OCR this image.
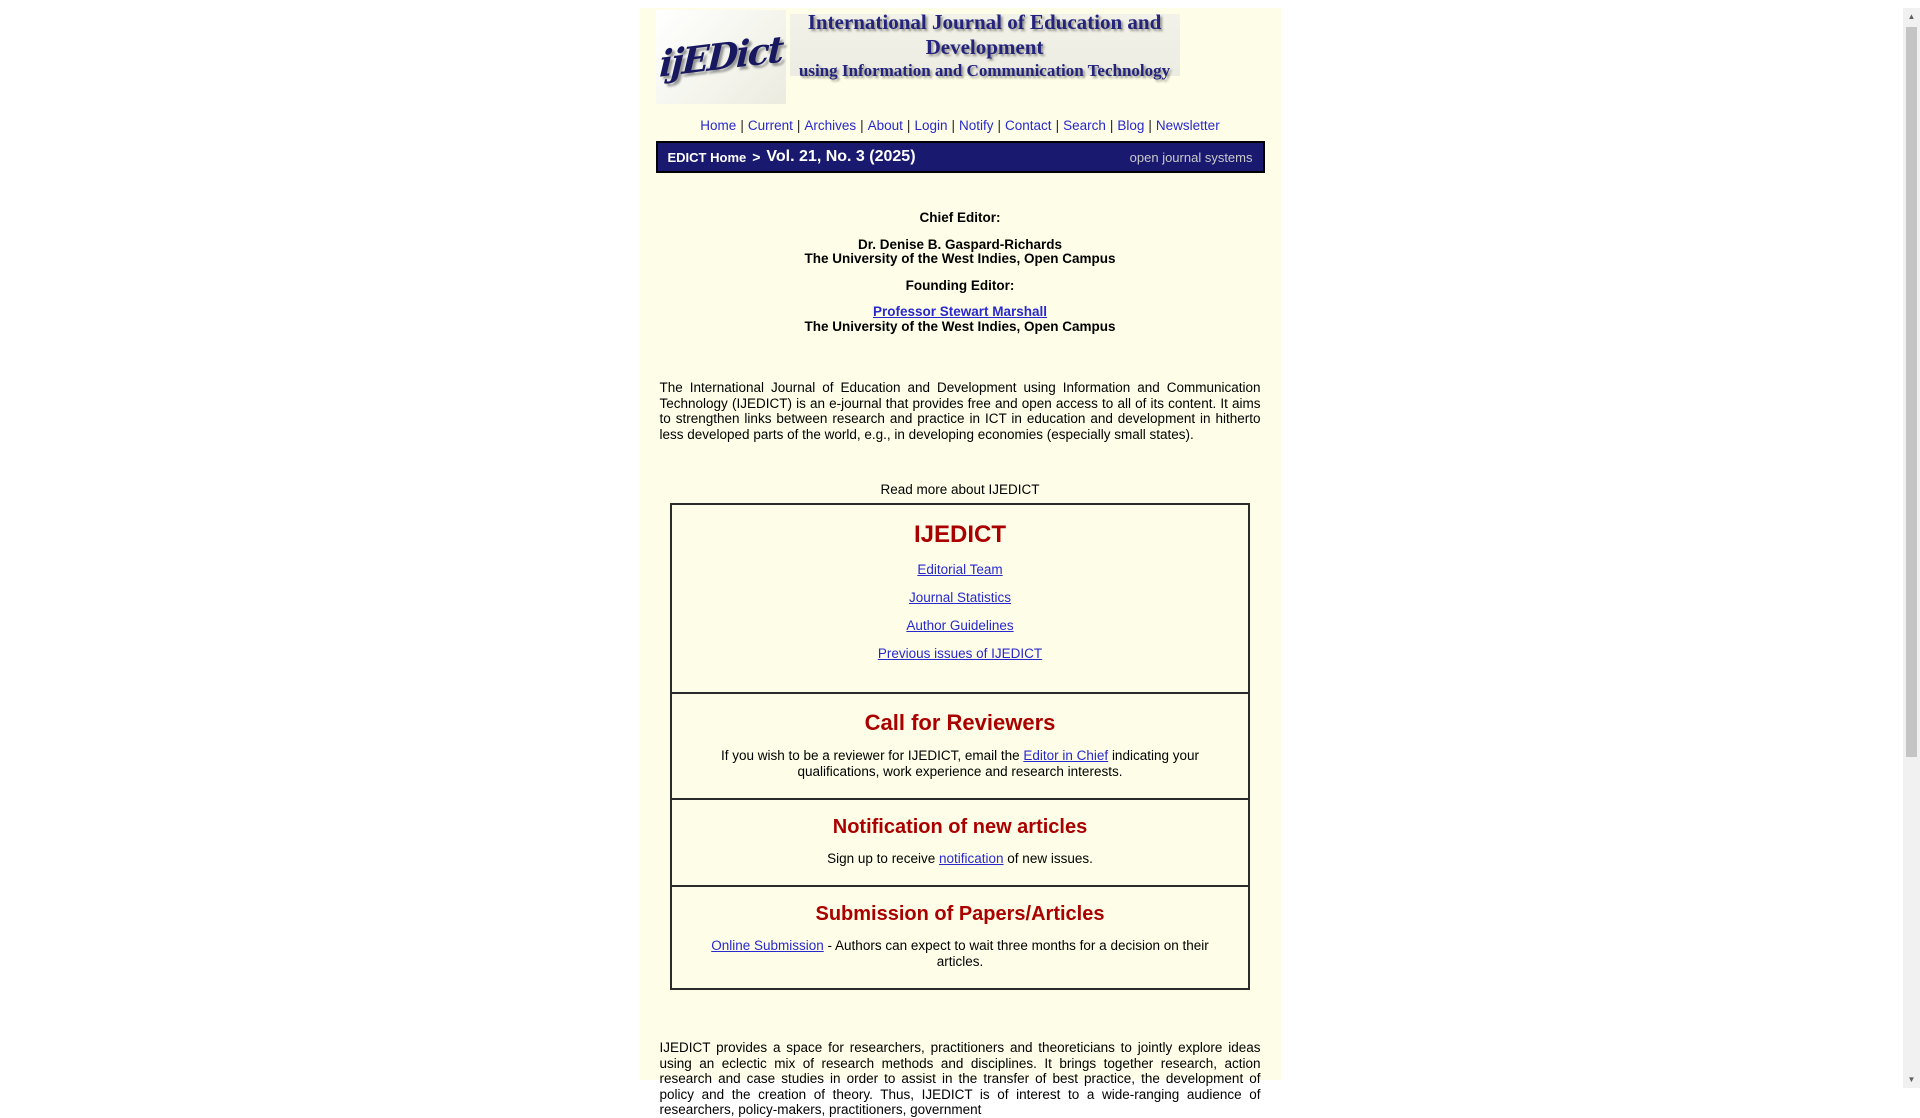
ijEDict
International Journal of Education and Development
using Information and Communication Technology
Home | Current | Archives | About | Login | Notify | Contact | Search | Blog | Newsletter
EDICT Home > Vol. 21, No. 3 (2025)	open journal systems
Chief Editor:
Dr. Denise B. Gaspard-Richards
The University of the West Indies, Open Campus
Founding Editor:
Professor Stewart Marshall
The University of the West Indies, Open Campus
The International Journal of Education and Development using Information and Communication Technology (IJEDICT) is an e-journal that provides free and open access to all of its content. It aims to strengthen links between research and practice in ICT in education and development in hitherto less developed parts of the world, e.g., in developing economies (especially small states).
Read more about IJEDICT
IJEDICT
Editorial Team
Journal Statistics
Author Guidelines
Previous issues of IJEDICT
Call for Reviewers
If you wish to be a reviewer for IJEDICT, email the Editor in Chief indicating your qualifications, work experience and research interests.
Notification of new articles
Sign up to receive notification of new issues.
Submission of Papers/Articles
Online Submission - Authors can expect to wait three months for a decision on their articles.
IJEDICT provides a space for researchers, practitioners and theoreticians to jointly explore ideas using an eclectic mix of research methods and disciplines. It brings together research, action research and case studies in order to assist in the transfer of best practice, the development of policy and the creation of theory. Thus, IJEDICT is of interest to a wide-ranging audience of researchers, policy-makers, practitioners, government
▲
▼
